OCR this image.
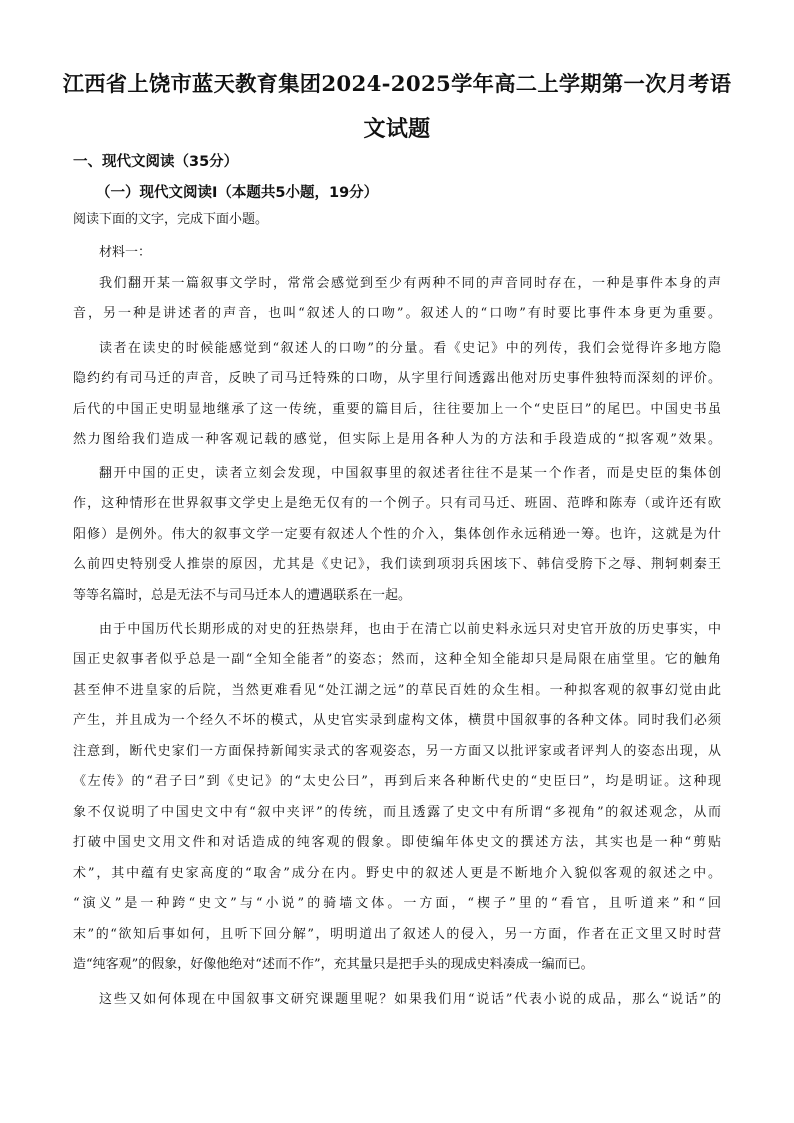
江西省上饶市蓝天教育集团2024-2025学年高二上学期第一次月考语
文试题
一、现代文阅读（35分）
（一）现代文阅读Ⅰ（本题共5小题，19分）
阅读下面的文字，完成下面小题。
材料一：
我们翻开某一篇叙事文学时，常常会感觉到至少有两种不同的声音同时存在，一种是事件本身的声
音，另一种是讲述者的声音，也叫“叙述人的口吻”。叙述人的“口吻”有时要比事件本身更为重要。
读者在读史的时候能感觉到“叙述人的口吻”的分量。看《史记》中的列传，我们会觉得许多地方隐
隐约约有司马迁的声音，反映了司马迁特殊的口吻，从字里行间透露出他对历史事件独特而深刻的评价。
后代的中国正史明显地继承了这一传统，重要的篇目后，往往要加上一个“史臣曰”的尾巴。中国史书虽
然力图给我们造成一种客观记载的感觉，但实际上是用各种人为的方法和手段造成的“拟客观”效果。
翻开中国的正史，读者立刻会发现，中国叙事里的叙述者往往不是某一个作者，而是史臣的集体创
作，这种情形在世界叙事文学史上是绝无仅有的一个例子。只有司马迁、班固、范晔和陈寿（或许还有欧
阳修）是例外。伟大的叙事文学一定要有叙述人个性的介入，集体创作永远稍逊一筹。也许，这就是为什
么前四史特别受人推崇的原因，尤其是《史记》，我们读到项羽兵困垓下、韩信受胯下之辱、荆轲刺秦王
等等名篇时，总是无法不与司马迁本人的遭遇联系在一起。
由于中国历代长期形成的对史的狂热崇拜，也由于在清亡以前史料永远只对史官开放的历史事实，中
国正史叙事者似乎总是一副“全知全能者”的姿态；然而，这种全知全能却只是局限在庙堂里。它的触角
甚至伸不进皇家的后院，当然更难看见“处江湖之远”的草民百姓的众生相。一种拟客观的叙事幻觉由此
产生，并且成为一个经久不坏的模式，从史官实录到虚构文体，横贯中国叙事的各种文体。同时我们必须
注意到，断代史家们一方面保持新闻实录式的客观姿态，另一方面又以批评家或者评判人的姿态出现，从
《左传》的“君子曰”到《史记》的“太史公曰”，再到后来各种断代史的“史臣曰”，均是明证。这种现
象不仅说明了中国史文中有“叙中夹评”的传统，而且透露了史文中有所谓“多视角”的叙述观念，从而
打破中国史文用文件和对话造成的纯客观的假象。即使编年体史文的撰述方法，其实也是一种“剪贴
术”，其中蕴有史家高度的“取舍”成分在内。野史中的叙述人更是不断地介入貌似客观的叙述之中。
“演义”是一种跨“史文”与“小说”的骑墙文体。一方面，“楔子”里的“看官，且听道来”和“回
末”的“欲知后事如何，且听下回分解”，明明道出了叙述人的侵入，另一方面，作者在正文里又时时营
造“纯客观”的假象，好像他绝对“述而不作”，充其量只是把手头的现成史料凑成一编而已。
这些又如何体现在中国叙事文研究课题里呢？如果我们用“说话”代表小说的成品，那么“说话”的
